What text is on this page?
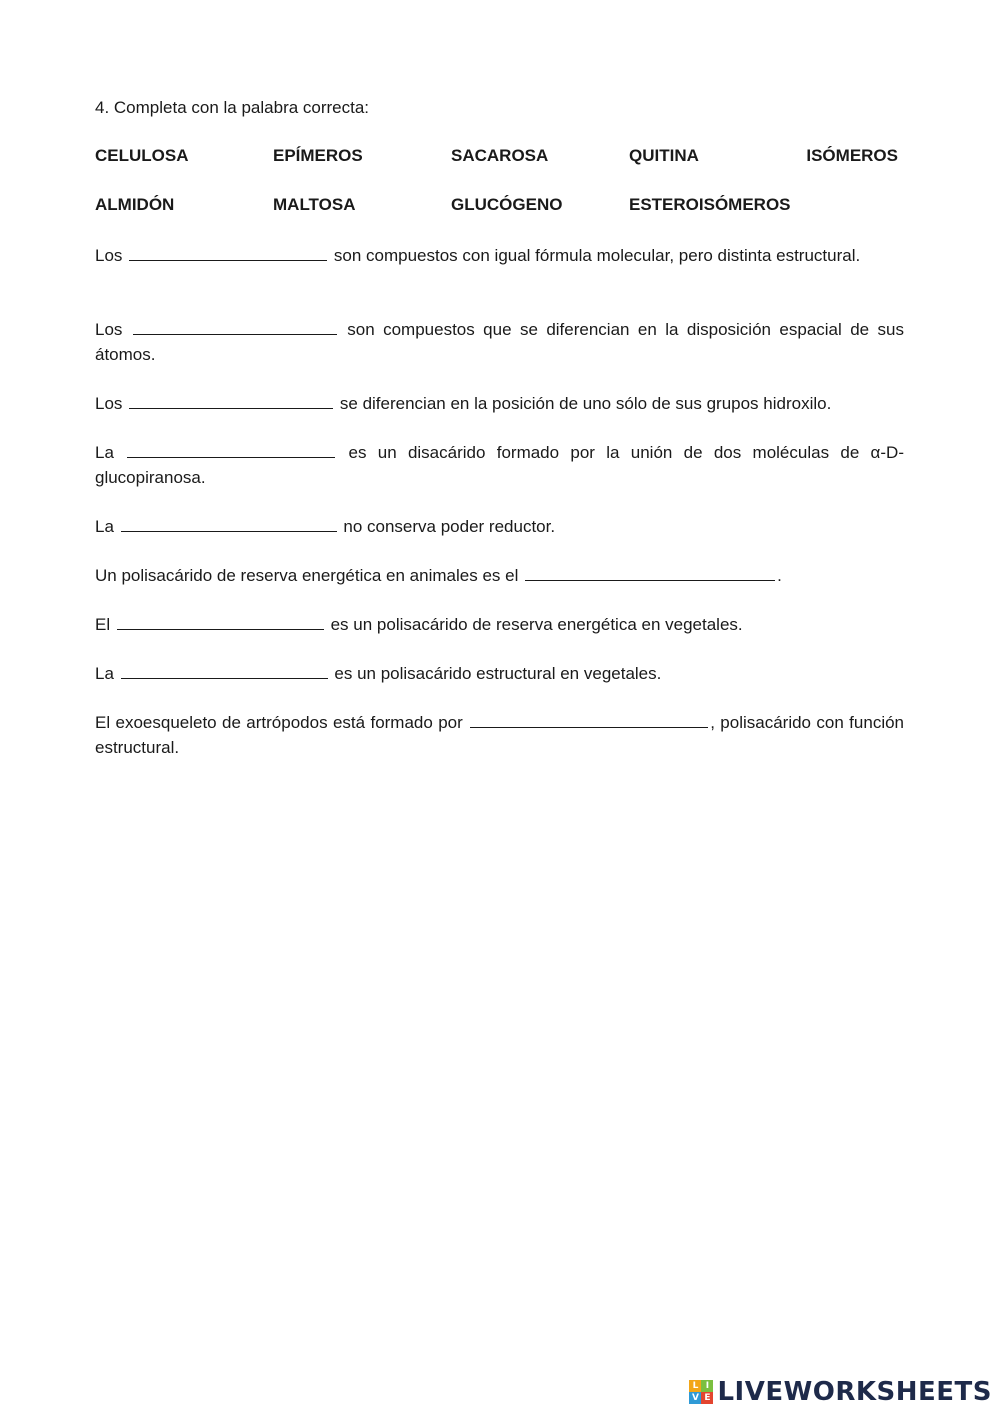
4. Completa con la palabra correcta:
CELULOSA	EPÍMEROS	SACAROSA	QUITINA	ISÓMEROS
ALMIDÓN	MALTOSA	GLUCÓGENO	ESTEROISÓMEROS
Los	son compuestos con igual fórmula molecular, pero distinta estructural.
Los	son compuestos que se diferencian en la disposición espacial de sus átomos.
Los	se diferencian en la posición de uno sólo de sus grupos hidroxilo.
La	es un disacárido formado por la unión de dos moléculas de α-D-glucopiranosa.
La	no conserva poder reductor.
Un polisacárido de reserva energética en animales es el	.
El	es un polisacárido de reserva energética en vegetales.
La	es un polisacárido estructural en vegetales.
El exoesqueleto de artrópodos está formado por	, polisacárido con función estructural.
L I
V E LIVEWORKSHEETS
